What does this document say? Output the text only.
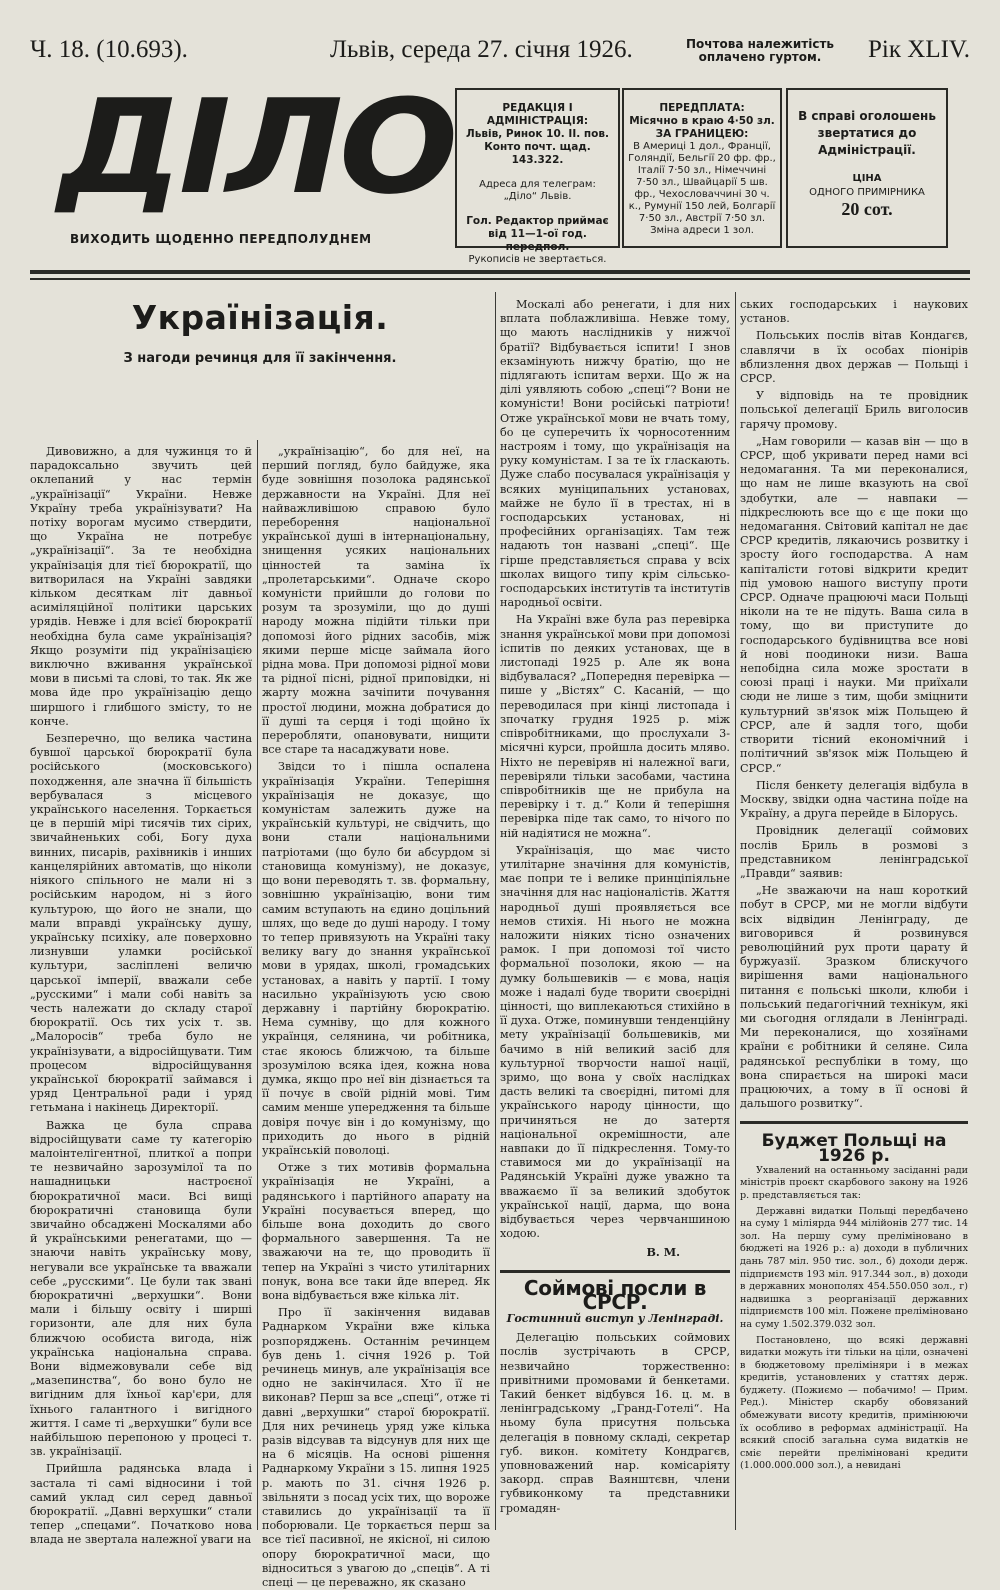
Ч. 18. (10.693).	Львів, середа 27. січня 1926.	Почтова належитість
оплачено гуртом.	Рік XLIV.
ДІЛО
ВИХОДИТЬ ЩОДЕННО ПЕРЕДПОЛУДНЕМ
РЕДАКЦІЯ І АДМІНІСТРАЦІЯ:
Львів, Ринок 10. II. пов.
Конто почт. щад. 143.322.

Адреса для телеграм: „Діло“ Львів.

Гол. Редактор приймає від 11—1-ої год. передпол.
Рукописів не звертається.
ПЕРЕДПЛАТА:
Місячно в краю 4·50 зл.
ЗА ГРАНИЦЕЮ:
В Америці 1 дол., Франції, Голяндії, Бельгії 20 фр. фр., Італії 7·50 зл., Німеччині 7·50 зл., Швайцарії 5 шв. фр., Чехословаччині 30 ч. к., Румунії 150 лей, Болгарії 7·50 зл., Австрії 7·50 зл. Зміна адреси 1 зол.
В справі оголошень звертатися до Адміністрації.
ЦІНА
ОДНОГО ПРИМІРНИКА
20 сот.
Українізація.
З нагоди речинця для її закінчення.

Дивовижно, а для чужинця то й парадоксально звучить цей оклепаний у нас термін „українізації“ України. Невже Україну треба українізувати? На потіху ворогам мусимо ствердити, що Україна не потребує „українізації“. За те необхідна українізація для тієї бюрократії, що витворилася на Україні завдяки кільком десяткам літ давньої асиміляційної політики царських урядів. Невже і для всієї бюрократії необхідна була саме українізація? Якщо розуміти під українізацією виключно вживання української мови в письмі та слові, то так. Як же мова йде про українізацію дещо ширшого і глибшого змісту, то не конче.

Безперечно, що велика частина бувшої царської бюрократії була російського (московського) походження, але значна її більшість вербувалася з місцевого українського населення. Торкається це в першій мірі тисячів тих сірих, звичайненьких собі, Богу духа винних, писарів, рахівників і инших канцелярійних автоматів, що ніколи ніякого спільного не мали ні з російським народом, ні з його культурою, що його не знали, що мали вправді українську душу, українську психіку, але поверховно лизнувши уламки російської культури, засліплені величю царської імперії, вважали себе „русскими“ і мали собі навіть за честь належати до складу старої бюрократії. Ось тих усіх т. зв. „Малоросів“ треба було не українізувати, а відросійщувати. Тим процесом відросійщування української бюрократії займався і уряд Центральної ради і уряд гетьмана і накінець Директорії.

Важка це була справа відросійщувати саме ту категорію малоінтелігентної, плиткої а попри те незвичайно зарозумілої та по нашадницьки настроєної бюрократичної маси. Всі вищі бюрократичні становища були звичайно обсаджені Москалями або й українськими ренегатами, що — знаючи навіть українську мову, негували все українське та вважали себе „русскими“. Це були так звані бюрократичні „верхушки“. Вони мали і більшу освіту і ширші горизонти, але для них була ближчою особиста вигода, ніж українська національна справа. Вони відмежовували себе від „мазепинства“, бо воно було не вигідним для їхньої кар'єри, для їхнього галантного і вигідного життя. І саме ті „верхушки“ були все найбільшою перепоною у процесі т. зв. українізації.

Прийшла радянська влада і застала ті самі відносини і той самий уклад сил серед давньої бюрократії. „Давні верхушки“ стали тепер „спецами“. Початково нова влада не звертала належної уваги на

„українізацію“, бо для неї, на перший погляд, було байдуже, яка буде зовнішня позолока радянської державности на Україні. Для неї найважливішою справою було переборення національної української душі в інтернаціональну, знищення усяких національних цінностей та заміна їх „пролетарськими“. Одначе скоро комуністи прийшли до голови по розум та зрозуміли, що до душі народу можна підійти тільки при допомозі його рідних засобів, між якими перше місце займала його рідна мова. При допомозі рідної мови та рідної пісні, рідної приповідки, ні жарту можна зачіпити почування простої людини, можна добратися до її душі та серця і тоді щойно їх переробляти, опановувати, нищити все старе та насаджувати нове.

Звідси то і пішла оспалена українізація України. Теперішня українізація не доказує, що комуністам залежить дуже на українській культурі, не свідчить, що вони стали національними патріотами (що було би абсурдом зі становища комунізму), не доказує, що вони переводять т. зв. формальну, зовнішню українізацію, вони тим самим вступають на єдино доцільний шлях, що веде до душі народу. І тому то тепер привязують на Україні таку велику вагу до знання української мови в урядах, школі, громадських установах, а навіть у партії. І тому насильно українізують усю свою державну і партійну бюрократію. Нема сумніву, що для кожного українця, селянина, чи робітника, стає якоюсь ближчою, та більше зрозумілою всяка ідея, кожна нова думка, якщо про неї він дізнається та її почує в своїй рідній мові. Тим самим менше упередження та більше довіря почує він і до комунізму, що приходить до нього в рідній українській поволоці.

Отже з тих мотивів формальна українізація не Україні, а радянського і партійного апарату на Україні посувається вперед, що більше вона доходить до свого формального завершення. Та не зважаючи на те, що проводить її тепер на Україні з чисто утилітарних понук, вона все таки йде вперед. Як вона відбувається вже кілька літ.

Про її закінчення видавав Раднарком України вже кілька розпоряджень. Останнім речинцем був день 1. січня 1926 р. Той речинець минув, але українізація все одно не закінчилася. Хто її не виконав? Перш за все „спеці“, отже ті давні „верхушки“ старої бюрократії. Для них речинець уряд уже кілька разів відсував та відсунув для них ще на 6 місяців. На основі рішення Раднаркому України з 15. липня 1925 р. мають по 31. січня 1926 р. звільняти з посад усіх тих, що вороже ставились до українізації та її поборювали. Це торкається перш за все тієї пасивної, не якісної, ні силою опору бюрократичної маси, що відноситься з увагою до „спеців“. А ті спеці — це переважно, як сказано

Москалі або ренегати, і для них вплата поблажливіша. Невже тому, що мають наслідників у нижчої братії? Відбувається іспити! І знов екзамінують нижчу братію, що не підлягають іспитам верхи. Що ж на ділі уявляють собою „спеці“? Вони не комуністи! Вони російські патріоти! Отже української мови не вчать тому, бо це суперечить їх чорносотенним настроям і тому, що українізація на руку комуністам. І за те їх гласкають. Дуже слабо посувалася українізація у всяких муніципальних установах, майже не було її в трестах, ні в господарських установах, ні професійних організаціях. Там теж надають тон названі „спеці“. Ще гірше представляється справа у всіх школах вищого типу крім сільсько-господарських інститутів та інститутів народньої освіти.

На Україні вже була раз перевірка знання української мови при допомозі іспитів по деяких установах, ще в листопаді 1925 р. Але як вона відбувалася? „Попередня перевірка — пише у „Вістях“ С. Касаній, — що переводилася при кінці листопада і зпочатку грудня 1925 р. між співробітниками, що прослухали 3-місячні курси, пройшла досить мляво. Ніхто не перевіряв ні належної ваги, перевіряли тільки засобами, частина співробітників ще не прибула на перевірку і т. д.“ Коли й теперішня перевірка піде так само, то нічого по ній надіятися не можна“.

Українізація, що має чисто утилітарне значіння для комуністів, має попри те і велике принціпіяльне значіння для нас націоналістів. Жаття народньої душі проявляється все немов стихія. Ні нього не можна наложити ніяких тісно означених рамок. І при допомозі тої чисто формальної позолоки, якою — на думку большевиків — є мова, нація може і надалі буде творити своєрідні цінності, що виплекаються стихійно в її духа. Отже, поминувши тенденційну мету українізації большевиків, ми бачимо в ній великий засіб для культурної творчости нашої нації, зримо, що вона у своїх наслідках дасть великі та своєрідні, питомі для українського народу цінности, що причиняться не до затертя національної окремішности, але навпаки до її підкреслення. Тому-то ставимося ми до українізації на Радянській Україні дуже уважно та вважаємо її за великий здобуток української нації, дарма, що вона відбувається через червчаншиною ходою.

В. М.
Соймові посли в СРСР.
Гостинний виступ у Ленінграді.

Делегацію польських соймових послів зустрічають в СРСР, незвичайно торжественно: привітними промовами й бенкетами. Такий бенкет відбувся 16. ц. м. в ленінградському „Гранд-Готелі“. На ньому була присутня польська делегація в повному складі, секретар губ. викон. комітету Кондрагєв, уповноважений нар. комісаріяту закорд. справ Ваянштєвн, члени губвиконкому та представники громадян-

ських господарських і наукових установ.

Польських послів вітав Кондагєв, славлячи в їх особах піонірів вблизлення двох держав — Польщі і СРСР.

У відповідь на те провідник польської делегації Бриль виголосив гарячу промову.

„Нам говорили — казав він — що в СРСР, щоб укривати перед нами всі недомагання. Та ми переконалися, що нам не лише вказують на свої здобутки, але — навпаки — підкреслюють все що є ще поки що недомагання. Світовий капітал не дає СРСР кредитів, лякаючись розвитку і зросту його господарства. А нам капіталісти готові відкрити кредит під умовою нашого виступу проти СРСР. Одначе працюючі маси Польщі ніколи на те не підуть. Ваша сила в тому, що ви приступите до господарського будівництва все нові й нові поодиноки низи. Ваша непобідна сила може зростати в союзі праці і науки. Ми приїхали сюди не лише з тим, щоби зміцнити культурний зв'язок між Польщею й СРСР, але й задля того, щоби створити тісний економічний і політичний зв'язок між Польщею й СРСР.“

Після бенкету делегація відбула в Москву, звідки одна частина поїде на Україну, а друга перейде в Білорусь.

Провідник делегації соймових послів Бриль в розмові з представником ленінградської „Правди“ заявив:

„Не зважаючи на наш короткий побут в СРСР, ми не могли відбути всіх відвідин Ленінграду, де виговорився й розвинувся революційний рух проти царату й буржуазії. Зразком блискучого вирішення вами національного питання є польські школи, клюби і польський педагогічний технікум, які ми сьогодня оглядали в Ленінграді. Ми переконалися, що хозяїнами країни є робітники й селяне. Сила радянської республіки в тому, що вона спирається на широкі маси працюючих, а тому в її основі й дальшого розвитку“.

Буджет Польщі на 1926 р.

Ухвалений на останньому засіданні ради міністрів проєкт скарбового закону на 1926 р. представляється так:

Державні видатки Польщі передбачено на суму 1 міліярда 944 мілійонів 277 тис. 14 зол. На першу суму преліміновано в бюджеті на 1926 р.: а) доходи в публичних дань 787 міл. 950 тис. зол., б) доходи держ. підприємств 193 міл. 917.344 зол., в) доходи в державних монополях 454.550.050 зол., г) надвишка з реорганізації державних підприємств 100 міл. Пожене преліміновано на суму 1.502.379.032 зол.

Постановлено, що всякі державні видатки можуть іти тільки на ціли, означені в бюджетовому преліміняри і в межах кредитів, установлених у статтях держ. буджету. (Пожиємо — побачимо! — Прим. Ред.). Міністер скарбу обовязаний обмежувати висоту кредитів, примінюючи їх особливо в реформах адміністрації. На всякий спосіб загальна сума видатків не сміє перейти преліміновані кредити (1.000.000.000 зол.), а невидані
